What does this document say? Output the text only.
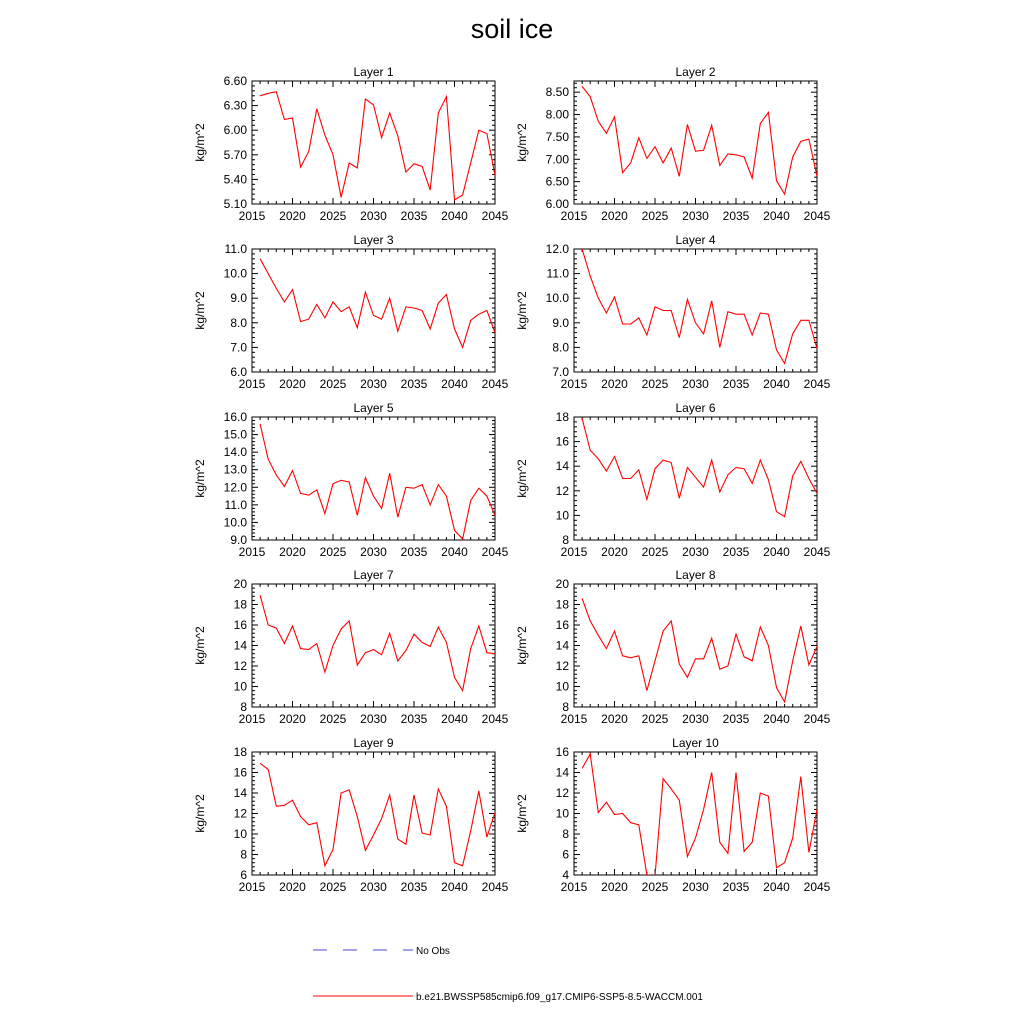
soil ice
Layer 1
kg/m^2
2015 2020 2025 2030 2035 2040 2045
5.10
5.40
5.70
6.00
6.30
6.60
Layer 2
kg/m^2
2015 2020 2025 2030 2035 2040 2045
6.00
6.50
7.00
7.50
8.00
8.50
Layer 3
kg/m^2
2015 2020 2025 2030 2035 2040 2045
6.0
7.0
8.0
9.0
10.0
11.0
Layer 4
kg/m^2
2015 2020 2025 2030 2035 2040 2045
7.0
8.0
9.0
10.0
11.0
12.0
Layer 5
kg/m^2
2015 2020 2025 2030 2035 2040 2045
9.0
10.0
11.0
12.0
13.0
14.0
15.0
16.0
Layer 6
kg/m^2
2015 2020 2025 2030 2035 2040 2045
8
10
12
14
16
18
Layer 7
kg/m^2
2015 2020 2025 2030 2035 2040 2045
8
10
12
14
16
18
20
Layer 8
kg/m^2
2015 2020 2025 2030 2035 2040 2045
8
10
12
14
16
18
20
Layer 9
kg/m^2
2015 2020 2025 2030 2035 2040 2045
6
8
10
12
14
16
18
Layer 10
kg/m^2
2015 2020 2025 2030 2035 2040 2045
4
6
8
10
12
14
16
No Obs
b.e21.BWSSP585cmip6.f09_g17.CMIP6-SSP5-8.5-WACCM.001
